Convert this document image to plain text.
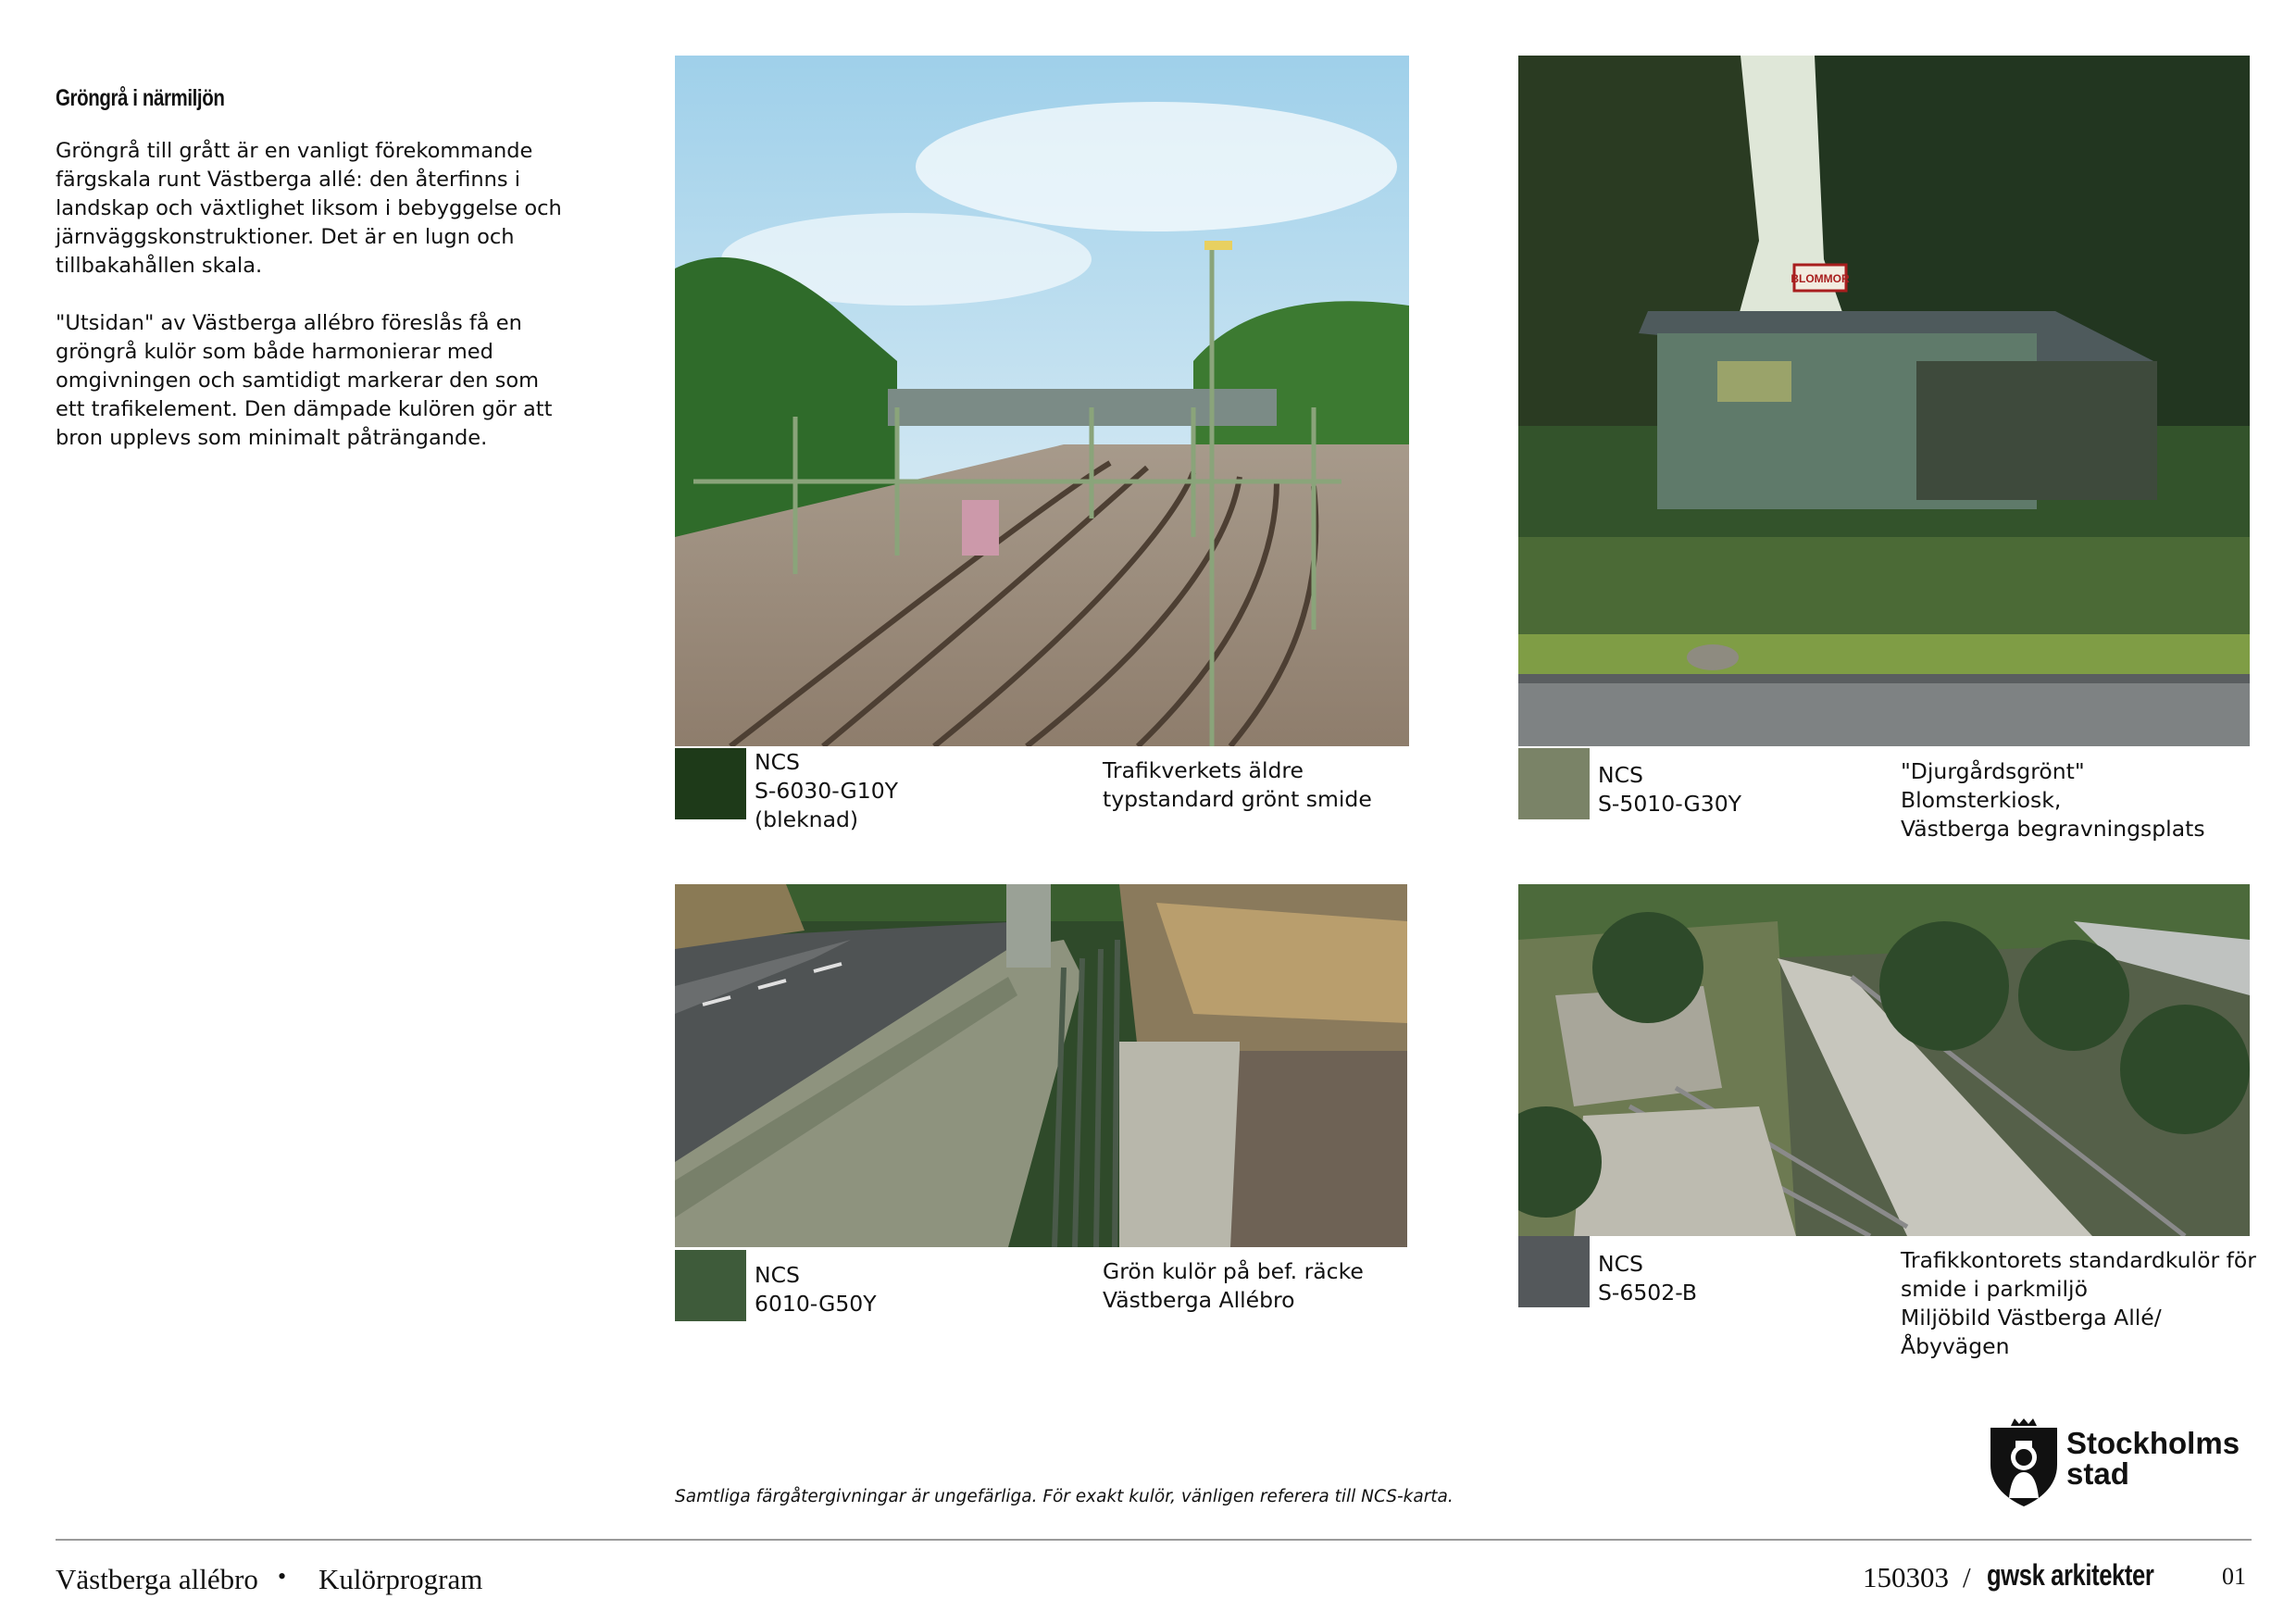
Gröngrå i närmiljön

Gröngrå till grått är en vanligt förekommande färgskala runt Västberga allé: den återfinns i landskap och växtlighet liksom i bebyggelse och järnväggskonstruktioner. Det är en lugn och tillbakahållen skala.

"Utsidan" av Västberga allébro föreslås få en gröngrå kulör som både harmonierar med omgivningen och samtidigt markerar den som ett trafikelement. Den dämpade kulören gör att bron upplevs som minimalt påträngande.

NCS
S-6030-G10Y
(bleknad)
Trafikverkets äldre
typstandard grönt smide
BLOMMOR
NCS
S-5010-G30Y
"Djurgårdsgrönt"
Blomsterkiosk,
Västberga begravningsplats
NCS
6010-G50Y
Grön kulör på bef. räcke
Västberga Allébro
NCS
S-6502-B
Trafikkontorets standardkulör för
smide i parkmiljö
Miljöbild Västberga Allé/
Åbyvägen
Stockholms
stad
Samtliga färgåtergivningar är ungefärliga. För exakt kulör, vänligen referera till NCS-karta.
Västberga allébro • Kulörprogram	150303 / gwsk arkitekter	01
